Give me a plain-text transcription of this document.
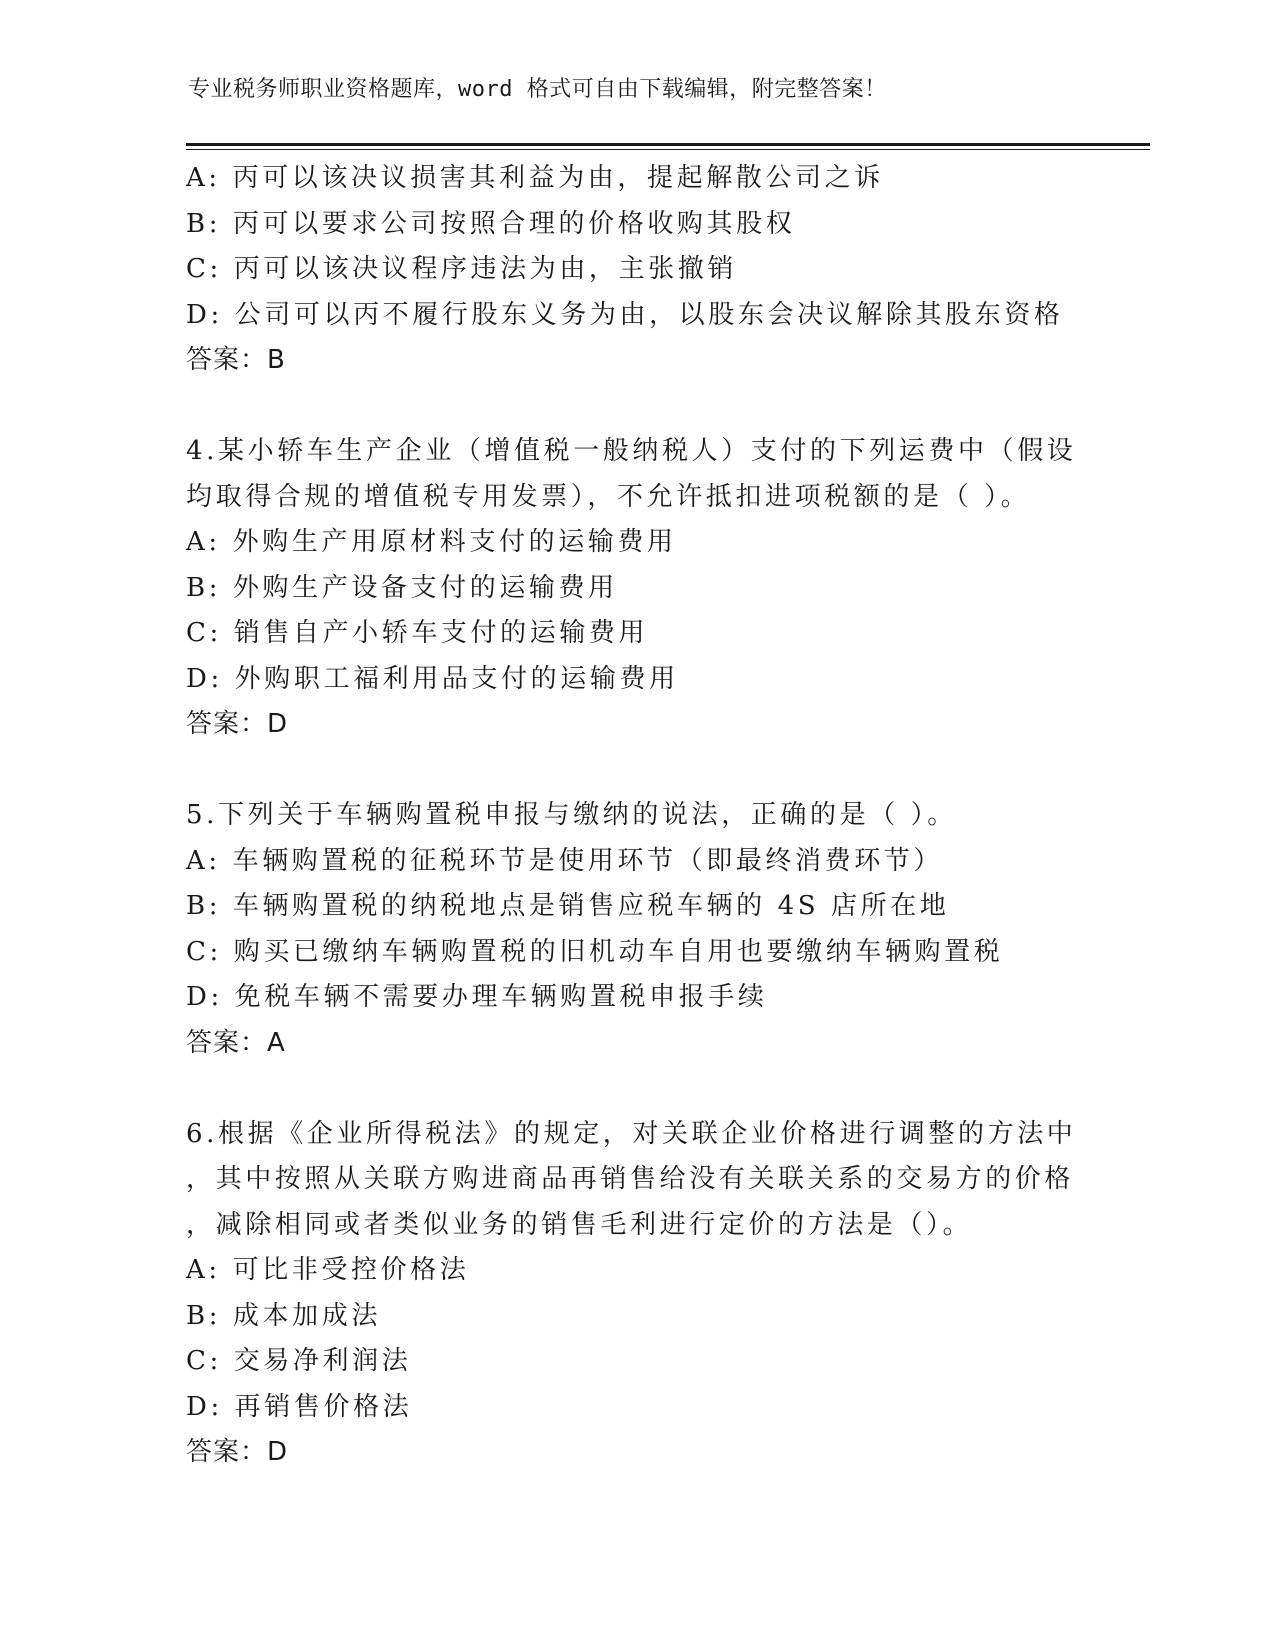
专业税务师职业资格题库，word 格式可自由下载编辑，附完整答案！
A: 丙可以该决议损害其利益为由，提起解散公司之诉
B: 丙可以要求公司按照合理的价格收购其股权
C: 丙可以该决议程序违法为由，主张撤销
D: 公司可以丙不履行股东义务为由，以股东会决议解除其股东资格
答案：B
4.某小轿车生产企业（增值税一般纳税人）支付的下列运费中（假设
均取得合规的增值税专用发票），不允许抵扣进项税额的是（ ）。
A: 外购生产用原材料支付的运输费用
B: 外购生产设备支付的运输费用
C: 销售自产小轿车支付的运输费用
D: 外购职工福利用品支付的运输费用
答案：D
5.下列关于车辆购置税申报与缴纳的说法，正确的是（ ）。
A: 车辆购置税的征税环节是使用环节（即最终消费环节）
B: 车辆购置税的纳税地点是销售应税车辆的 4S 店所在地
C: 购买已缴纳车辆购置税的旧机动车自用也要缴纳车辆购置税
D: 免税车辆不需要办理车辆购置税申报手续
答案：A
6.根据《企业所得税法》的规定，对关联企业价格进行调整的方法中
，其中按照从关联方购进商品再销售给没有关联关系的交易方的价格
，减除相同或者类似业务的销售毛利进行定价的方法是（）。
A: 可比非受控价格法
B: 成本加成法
C: 交易净利润法
D: 再销售价格法
答案：D
